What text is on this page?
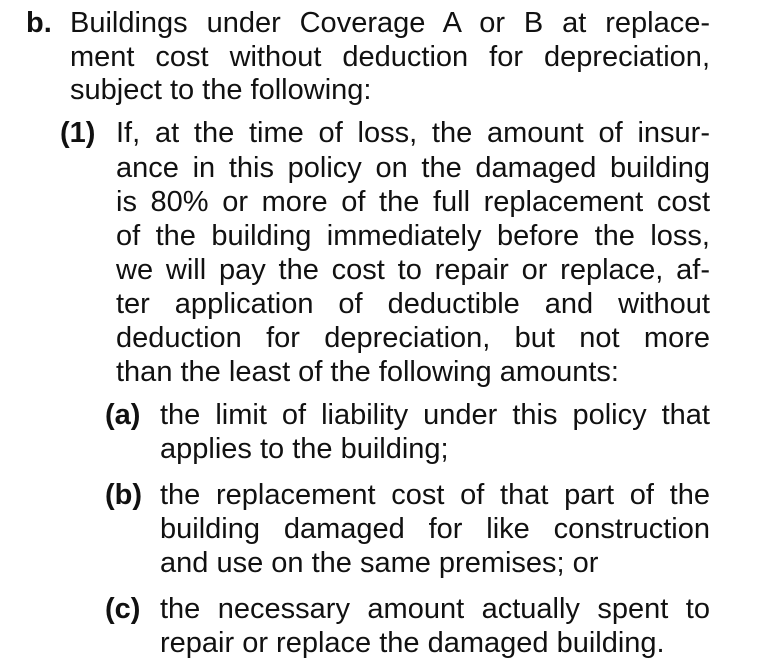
b. Buildings under Coverage A or B at replace-
ment cost without deduction for depreciation,
subject to the following:
(1) If, at the time of loss, the amount of insur-
ance in this policy on the damaged building
is 80% or more of the full replacement cost
of the building immediately before the loss,
we will pay the cost to repair or replace, af-
ter application of deductible and without
deduction for depreciation, but not more
than the least of the following amounts:
(a) the limit of liability under this policy that
applies to the building;
(b) the replacement cost of that part of the
building damaged for like construction
and use on the same premises; or
(c) the necessary amount actually spent to
repair or replace the damaged building.
